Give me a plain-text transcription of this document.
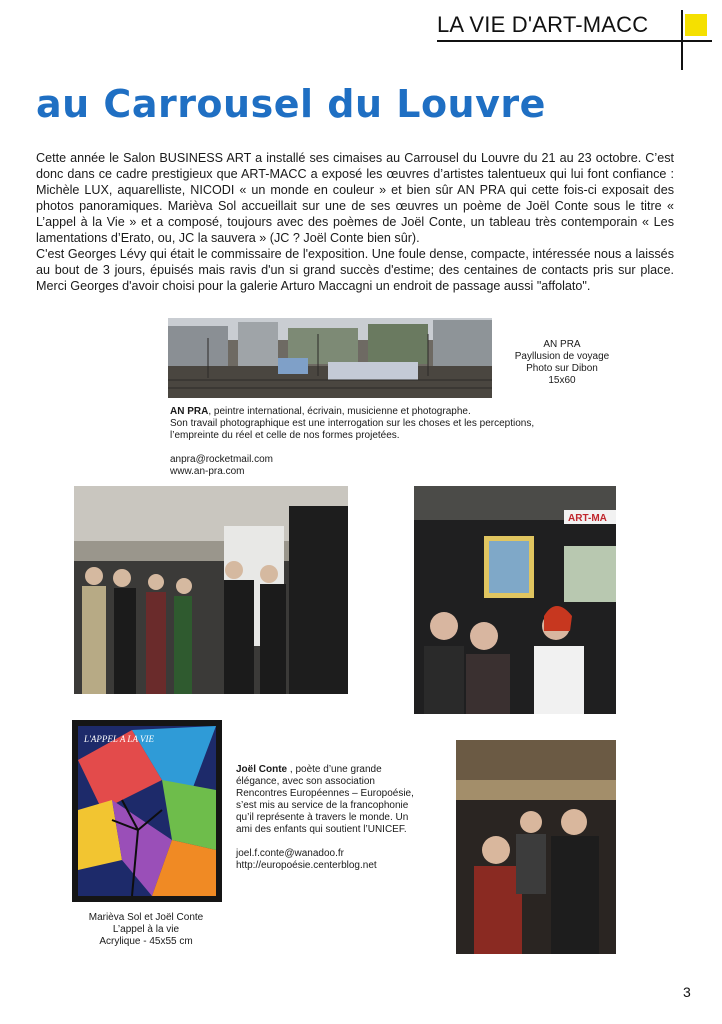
LA VIE D'ART-MACC
au Carrousel du Louvre

Cette année le Salon BUSINESS ART a installé ses cimaises au Carrousel du Louvre du 21 au 23 octobre. C’est donc dans ce cadre prestigieux que ART-MACC a exposé les œuvres d’artistes talentueux qui lui font confiance : Michèle LUX, aquarelliste, NICODI « un monde en couleur » et bien sûr AN PRA qui cette fois-ci exposait des photos panoramiques. Marièva Sol accueillait sur une de ses œuvres un poème de Joël Conte sous le titre « L’appel à la Vie » et a composé, toujours avec des poèmes de Joël Conte, un tableau très contemporain « Les lamentations d’Erato, ou, JC la sauvera » (JC ? Joël Conte bien sûr).

C'est Georges Lévy qui était le commissaire de l'exposition. Une foule dense, compacte, intéressée nous a laissés au bout de 3 jours, épuisés mais ravis d'un si grand succès d'estime; des centaines de contacts pris sur place. Merci Georges d'avoir choisi pour la galerie Arturo Maccagni un endroit de passage aussi "affolato".

AN PRA
Payllusion de voyage
Photo sur Dibon
15x60
AN PRA, peintre international, écrivain, musicienne et photographe.
Son travail photographique est une interrogation sur les choses et les perceptions,
l’empreinte du réel et celle de nos formes projetées.
anpra@rocketmail.com
www.an-pra.com
ART-MA
L'APPEL A LA VIE
Marièva Sol et Joël Conte
L’appel à la vie
Acrylique - 45x55 cm
Joël Conte , poète d’une grande
élégance, avec son association
Rencontres Européennes – Europoésie,
s’est mis au service de la francophonie
qu’il représente à travers le monde. Un
ami des enfants qui soutient l’UNICEF.
joel.f.conte@wanadoo.fr
http://europoésie.centerblog.net
3
